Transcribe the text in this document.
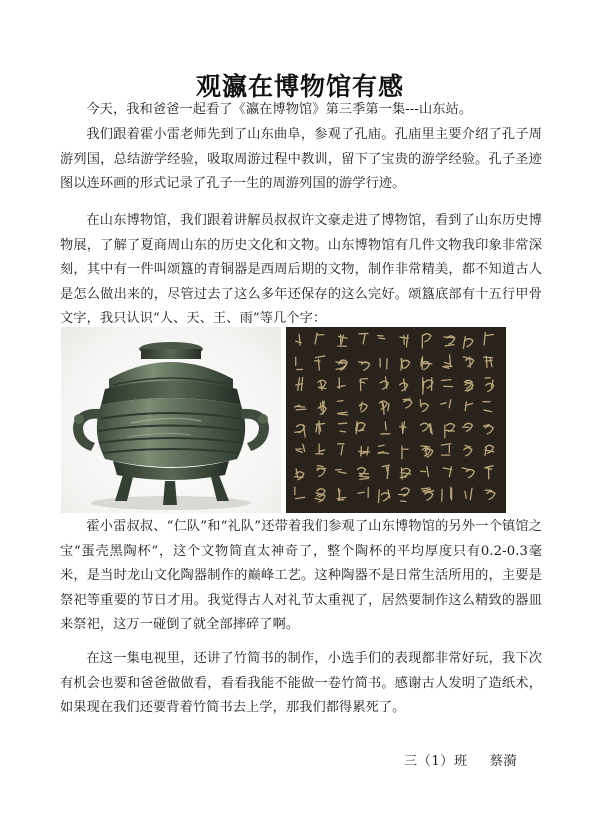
观瀛在博物馆有感

今天，我和爸爸一起看了《瀛在博物馆》第三季第一集---山东站。

我们跟着霍小雷老师先到了山东曲阜，参观了孔庙。孔庙里主要介绍了孔子周游列国，总结游学经验，吸取周游过程中教训，留下了宝贵的游学经验。孔子圣迹图以连环画的形式记录了孔子一生的周游列国的游学行迹。

在山东博物馆，我们跟着讲解员叔叔许文豪走进了博物馆，看到了山东历史博物展，了解了夏商周山东的历史文化和文物。山东博物馆有几件文物我印象非常深刻，其中有一件叫颂簋的青铜器是西周后期的文物，制作非常精美，都不知道古人是怎么做出来的，尽管过去了这么多年还保存的这么完好。颂簋底部有十五行甲骨文字，我只认识“人、天、王、雨”等几个字：

霍小雷叔叔、“仁队”和“礼队”还带着我们参观了山东博物馆的另外一个镇馆之宝“蛋壳黑陶杯”，这个文物简直太神奇了，整个陶杯的平均厚度只有0.2-0.3毫米，是当时龙山文化陶器制作的巅峰工艺。这种陶器不是日常生活所用的，主要是祭祀等重要的节日才用。我觉得古人对礼节太重视了，居然要制作这么精致的器皿来祭祀，这万一碰倒了就全部摔碎了啊。

在这一集电视里，还讲了竹简书的制作，小选手们的表现都非常好玩，我下次有机会也要和爸爸做做看，看看我能不能做一卷竹简书。感谢古人发明了造纸术，如果现在我们还要背着竹简书去上学，那我们都得累死了。

三（1）班 蔡漪
